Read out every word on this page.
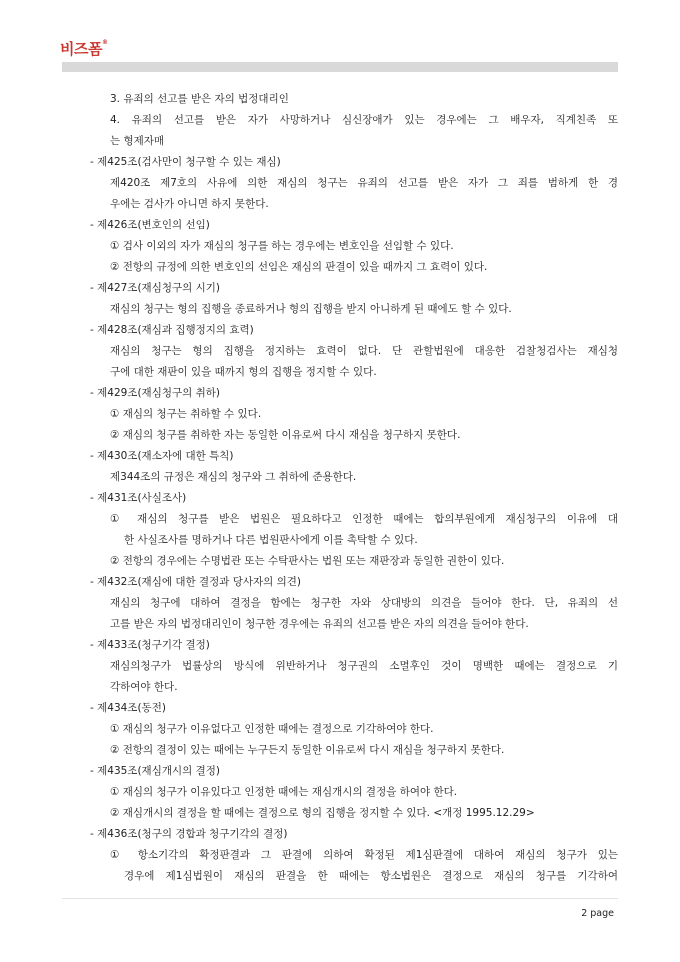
비즈폼®
3. 유죄의 선고를 받은 자의 법정대리인
4. 유죄의 선고를 받은 자가 사망하거나 심신장애가 있는 경우에는 그 배우자, 직계친족 또
는 형제자매
- 제425조(검사만이 청구할 수 있는 재심)
제420조 제7호의 사유에 의한 재심의 청구는 유죄의 선고를 받은 자가 그 죄를 범하게 한 경
우에는 검사가 아니면 하지 못한다.
- 제426조(변호인의 선임)
① 검사 이외의 자가 재심의 청구를 하는 경우에는 변호인을 선임할 수 있다.
② 전항의 규정에 의한 변호인의 선임은 재심의 판결이 있을 때까지 그 효력이 있다.
- 제427조(재심청구의 시기)
재심의 청구는 형의 집행을 종료하거나 형의 집행을 받지 아니하게 된 때에도 할 수 있다.
- 제428조(재심과 집행정지의 효력)
재심의 청구는 형의 집행을 정지하는 효력이 없다. 단 관할법원에 대응한 검찰청검사는 재심청
구에 대한 재판이 있을 때까지 형의 집행을 정지할 수 있다.
- 제429조(재심청구의 취하)
① 재심의 청구는 취하할 수 있다.
② 재심의 청구를 취하한 자는 동일한 이유로써 다시 재심을 청구하지 못한다.
- 제430조(재소자에 대한 특칙)
제344조의 규정은 재심의 청구와 그 취하에 준용한다.
- 제431조(사실조사)
① 재심의 청구를 받은 법원은 필요하다고 인정한 때에는 합의부원에게 재심청구의 이유에 대
한 사실조사를 명하거나 다른 법원판사에게 이를 촉탁할 수 있다.
② 전항의 경우에는 수명법관 또는 수탁판사는 법원 또는 재판장과 동일한 권한이 있다.
- 제432조(재심에 대한 결정과 당사자의 의견)
재심의 청구에 대하여 결정을 함에는 청구한 자와 상대방의 의견을 들어야 한다. 단, 유죄의 선
고를 받은 자의 법정대리인이 청구한 경우에는 유죄의 선고를 받은 자의 의견을 들어야 한다.
- 제433조(청구기각 결정)
재심의청구가 법률상의 방식에 위반하거나 청구권의 소멸후인 것이 명백한 때에는 결정으로 기
각하여야 한다.
- 제434조(동전)
① 재심의 청구가 이유없다고 인정한 때에는 결정으로 기각하여야 한다.
② 전항의 결정이 있는 때에는 누구든지 동일한 이유로써 다시 재심을 청구하지 못한다.
- 제435조(재심개시의 결정)
① 재심의 청구가 이유있다고 인정한 때에는 재심개시의 결정을 하여야 한다.
② 재심개시의 결정을 할 때에는 결정으로 형의 집행을 정지할 수 있다. <개정 1995.12.29>
- 제436조(청구의 경합과 청구기각의 결정)
① 항소기각의 확정판결과 그 판결에 의하여 확정된 제1심판결에 대하여 재심의 청구가 있는
경우에 제1심법원이 재심의 판결을 한 때에는 항소법원은 결정으로 재심의 청구를 기각하여
2 page
